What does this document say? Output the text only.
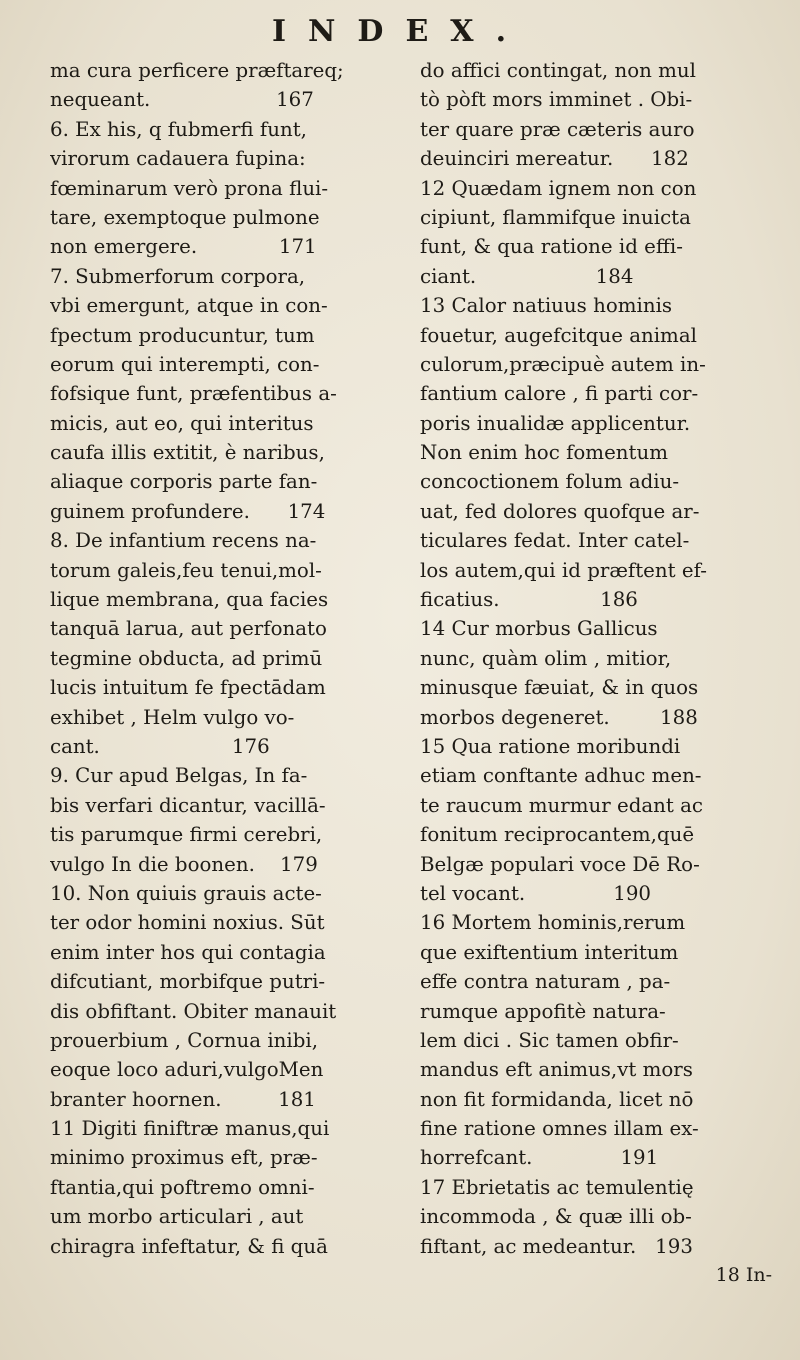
INDEX.
ma cura perficere præftareq;
nequeant.                    167
6. Ex his, q fubmerfi funt,
virorum cadauera fupina:
fœminarum verò prona flui-
tare, exemptoque pulmone
non emergere.             171
7. Submerforum corpora,
vbi emergunt, atque in con-
fpectum producuntur, tum
eorum qui interempti, con-
fofsique funt, præfentibus a-
micis, aut eo, qui interitus
caufa illis extitit, è naribus,
aliaque corporis parte fan-
guinem profundere.      174
8. De infantium recens na-
torum galeis,feu tenui,mol-
lique membrana, qua facies
tanquā larua, aut perfonato
tegmine obducta, ad primū
lucis intuitum fe fpectādam
exhibet , Helm vulgo vo-
cant.                     176
9. Cur apud Belgas, In fa-
bis verfari dicantur, vacillā-
tis parumque firmi cerebri,
vulgo In die boonen.    179
10. Non quiuis grauis acte-
ter odor homini noxius. Sūt
enim inter hos qui contagia
difcutiant, morbifque putri-
dis obfiftant. Obiter manauit
prouerbium , Cornua inibi,
eoque loco aduri,vulgoMen
branter hoornen.         181
11 Digiti finiftræ manus,qui
minimo proximus eft, præ-
ftantia,qui poftremo omni-
um morbo articulari , aut
chiragra infeftatur, & fi quā
do affici contingat, non mul
tò pòft mors imminet . Obi-
ter quare præ cæteris auro
deuinciri mereatur.      182
12 Quædam ignem non con
cipiunt, flammifque inuicta
funt, & qua ratione id effi-
ciant.                   184
13 Calor natiuus hominis
fouetur, augefcitque animal
culorum,præcipuè autem in-
fantium calore , fi parti cor-
poris inualidæ applicentur.
Non enim hoc fomentum
concoctionem folum adiu-
uat, fed dolores quofque ar-
ticulares fedat. Inter catel-
los autem,qui id præftent ef-
ficatius.                186
14 Cur morbus Gallicus
nunc, quàm olim , mitior,
minusque fæuiat, & in quos
morbos degeneret.        188
15 Qua ratione moribundi
etiam conftante adhuc men-
te raucum murmur edant ac
fonitum reciprocantem,quē
Belgæ populari voce Dē Ro-
tel vocant.              190
16 Mortem hominis,rerum
que exiftentium interitum
effe contra naturam , pa-
rumque appofitè natura-
lem dici . Sic tamen obfir-
mandus eft animus,vt mors
non fit formidanda, licet nō
fine ratione omnes illam ex-
horrefcant.              191
17 Ebrietatis ac temulentię
incommoda , & quæ illi ob-
fiftant, ac medeantur.   193
18 In-
